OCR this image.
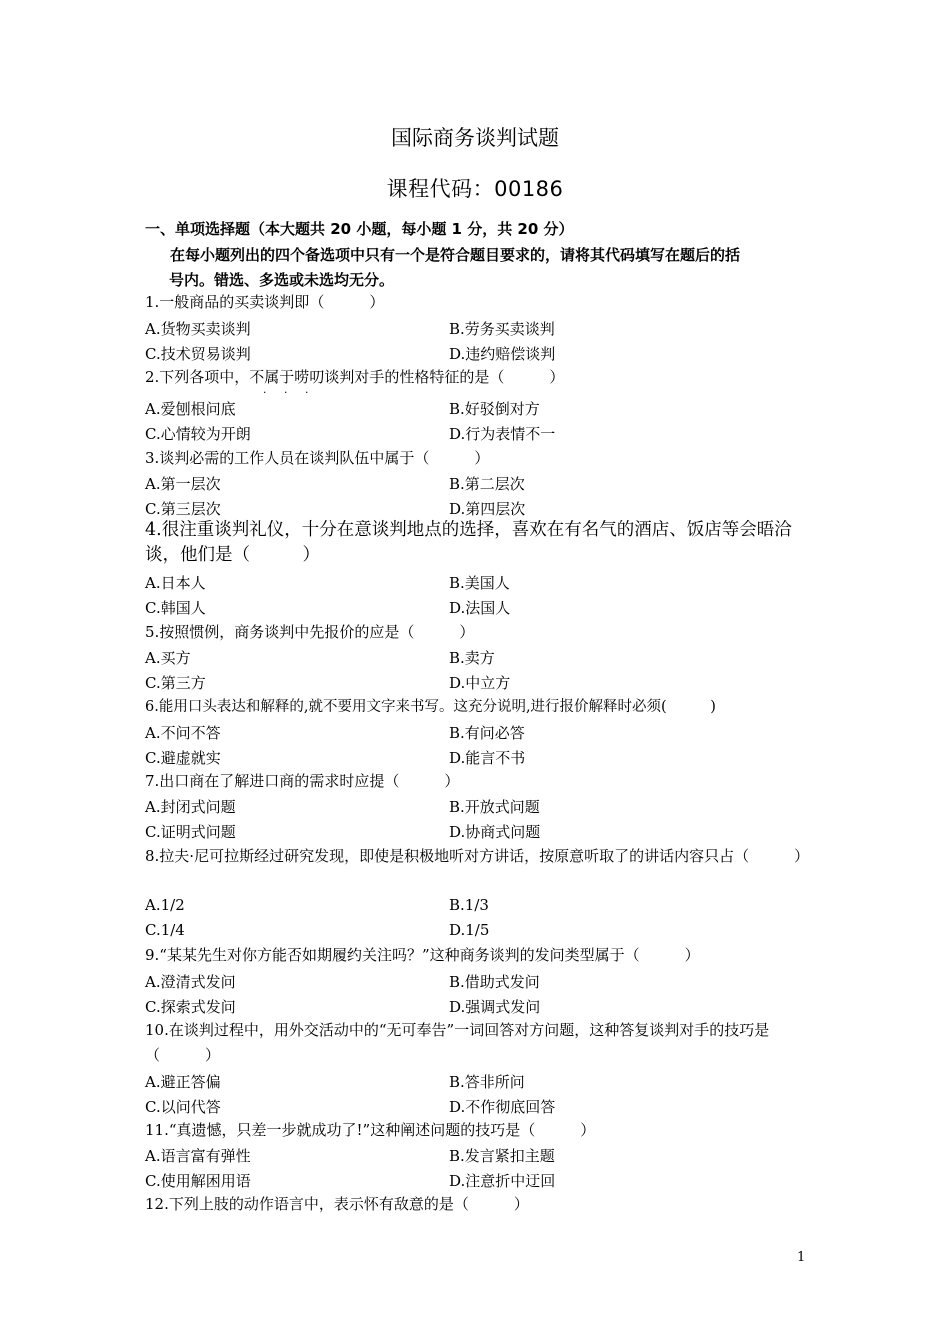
国际商务谈判试题
课程代码：00186
一、单项选择题（本大题共 20 小题，每小题 1 分，共 20 分）
在每小题列出的四个备选项中只有一个是符合题目要求的，请将其代码填写在题后的括
号内。错选、多选或未选均无分。
1.一般商品的买卖谈判即（　　　）
A.货物买卖谈判	B.劳务买卖谈判
C.技术贸易谈判	D.违约赔偿谈判
2.下列各项中，不属于唠叨谈判对手的性格特征的是（　　　）
· · ·
A.爱刨根问底	B.好驳倒对方
C.心情较为开朗	D.行为表情不一
3.谈判必需的工作人员在谈判队伍中属于（　　　）
A.第一层次	B.第二层次
C.第三层次	D.第四层次
4.很注重谈判礼仪，十分在意谈判地点的选择，喜欢在有名气的酒店、饭店等会晤洽谈，他们是（　　　）
A.日本人	B.美国人
C.韩国人	D.法国人
5.按照惯例，商务谈判中先报价的应是（　　　）
A.买方	B.卖方
C.第三方	D.中立方
6.能用口头表达和解释的,就不要用文字来书写。这充分说明,进行报价解释时必须(　　　)
A.不问不答	B.有问必答
C.避虚就实	D.能言不书
7.出口商在了解进口商的需求时应提（　　　）
A.封闭式问题	B.开放式问题
C.证明式问题	D.协商式问题
8.拉夫·尼可拉斯经过研究发现，即使是积极地听对方讲话，按原意听取了的讲话内容只占（　　　）
A.1/2	B.1/3
C.1/4	D.1/5
9.“某某先生对你方能否如期履约关注吗？”这种商务谈判的发问类型属于（　　　）
A.澄清式发问	B.借助式发问
C.探索式发问	D.强调式发问
10.在谈判过程中，用外交活动中的“无可奉告”一词回答对方问题，这种答复谈判对手的技巧是（　　　）
A.避正答偏	B.答非所问
C.以问代答	D.不作彻底回答
11.“真遗憾，只差一步就成功了!”这种阐述问题的技巧是（　　　）
A.语言富有弹性	B.发言紧扣主题
C.使用解困用语	D.注意折中迂回
12.下列上肢的动作语言中，表示怀有敌意的是（　　　）
1
